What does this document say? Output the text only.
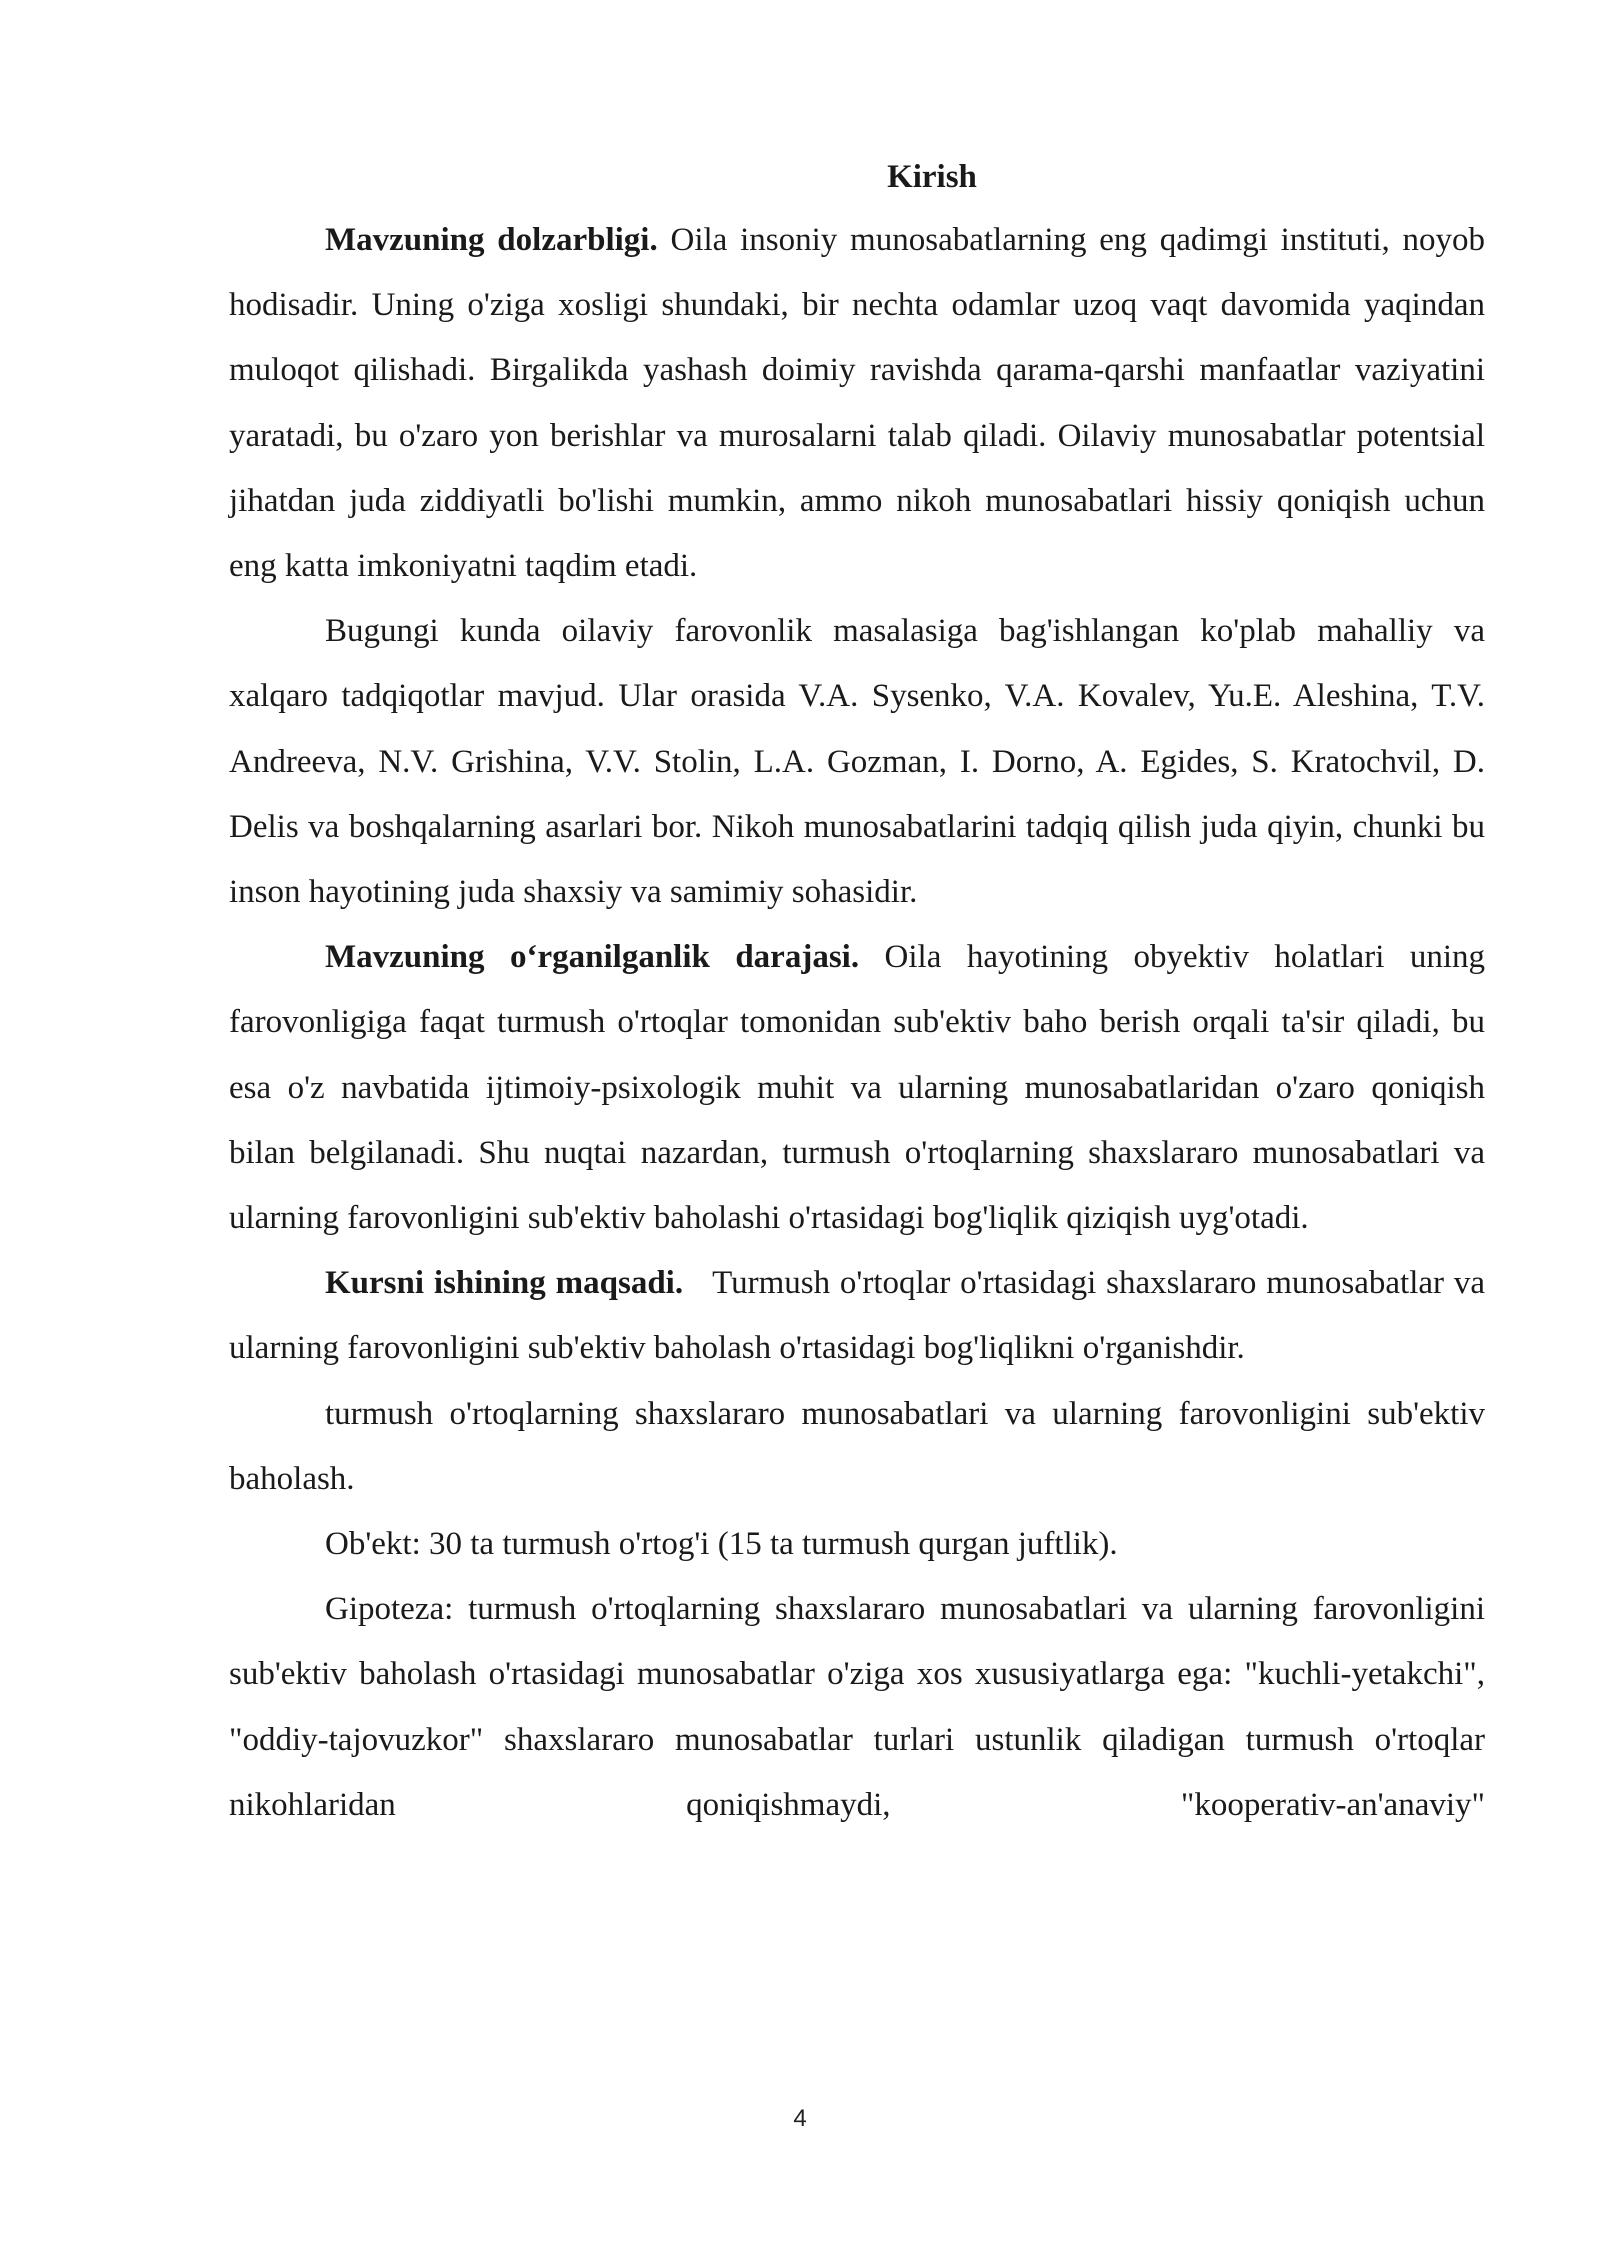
Kirish

Mavzuning dolzarbligi. Oila insoniy munosabatlarning eng qadimgi instituti, noyob hodisadir. Uning o'ziga xosligi shundaki, bir nechta odamlar uzoq vaqt davomida yaqindan muloqot qilishadi. Birgalikda yashash doimiy ravishda qarama-qarshi manfaatlar vaziyatini yaratadi, bu o'zaro yon berishlar va murosalarni talab qiladi. Oilaviy munosabatlar potentsial jihatdan juda ziddiyatli bo'lishi mumkin, ammo nikoh munosabatlari hissiy qoniqish uchun eng katta imkoniyatni taqdim etadi.

Bugungi kunda oilaviy farovonlik masalasiga bag'ishlangan ko'plab mahalliy va xalqaro tadqiqotlar mavjud. Ular orasida V.A. Sysenko, V.A. Kovalev, Yu.E. Aleshina, T.V. Andreeva, N.V. Grishina, V.V. Stolin, L.A. Gozman, I. Dorno, A. Egides, S. Kratochvil, D. Delis va boshqalarning asarlari bor. Nikoh munosabatlarini tadqiq qilish juda qiyin, chunki bu inson hayotining juda shaxsiy va samimiy sohasidir.

Mavzuning o‘rganilganlik darajasi. Oila hayotining obyektiv holatlari uning farovonligiga faqat turmush o'rtoqlar tomonidan sub'ektiv baho berish orqali ta'sir qiladi, bu esa o'z navbatida ijtimoiy-psixologik muhit va ularning munosabatlaridan o'zaro qoniqish bilan belgilanadi. Shu nuqtai nazardan, turmush o'rtoqlarning shaxslararo munosabatlari va ularning farovonligini sub'ektiv baholashi o'rtasidagi bog'liqlik qiziqish uyg'otadi.

Kursni ishining maqsadi. Turmush o'rtoqlar o'rtasidagi shaxslararo munosabatlar va ularning farovonligini sub'ektiv baholash o'rtasidagi bog'liqlikni o'rganishdir.

turmush o'rtoqlarning shaxslararo munosabatlari va ularning farovonligini sub'ektiv baholash.

Ob'ekt: 30 ta turmush o'rtog'i (15 ta turmush qurgan juftlik).

Gipoteza: turmush o'rtoqlarning shaxslararo munosabatlari va ularning farovonligini sub'ektiv baholash o'rtasidagi munosabatlar o'ziga xos xususiyatlarga ega: "kuchli-yetakchi", "oddiy-tajovuzkor" shaxslararo munosabatlar turlari ustunlik qiladigan turmush o'rtoqlar nikohlaridan qoniqishmaydi, "kooperativ-an'anaviy"

4
